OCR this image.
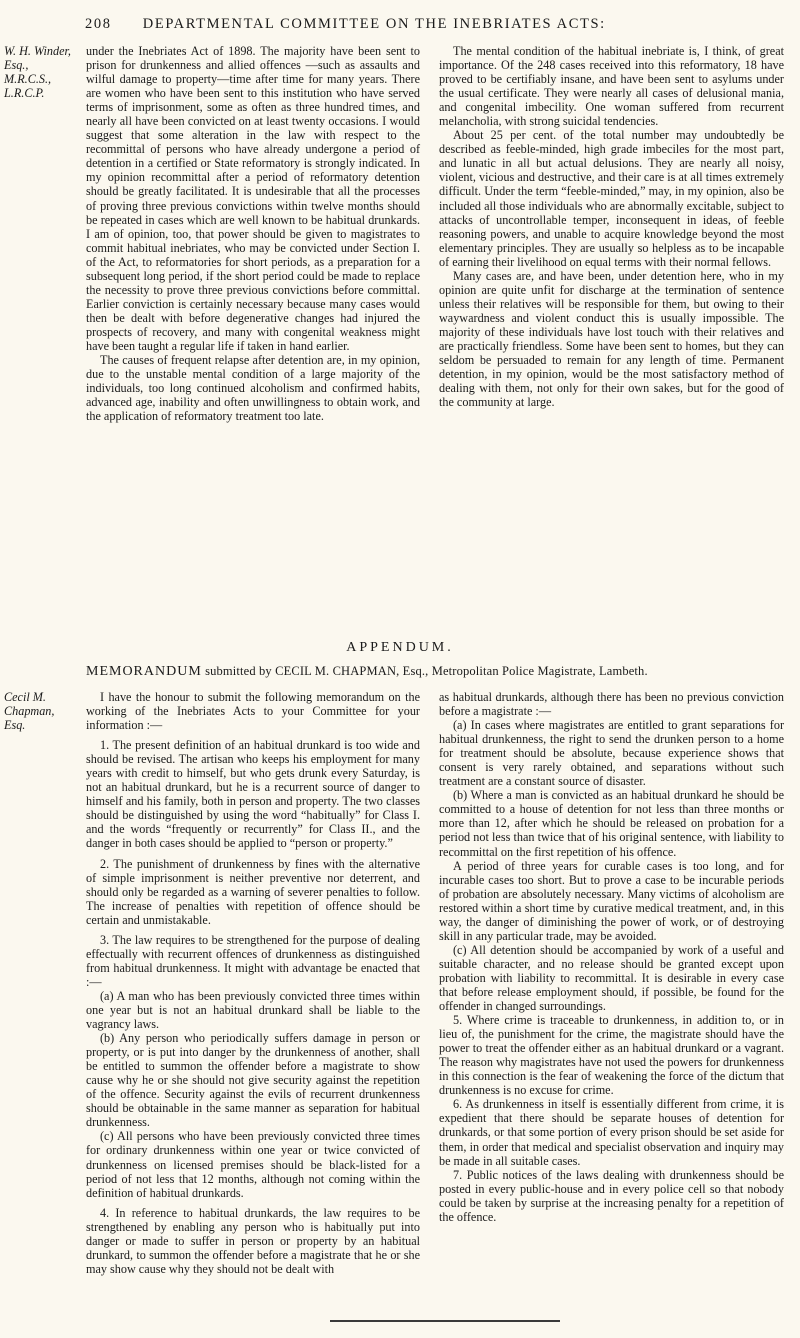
208 DEPARTMENTAL COMMITTEE ON THE INEBRIATES ACTS:
W. H. Winder, Esq., M.R.C.S., L.R.C.P.
Cecil M. Chapman, Esq.

under the Inebriates Act of 1898. The majority have been sent to prison for drunkenness and allied offences —such as assaults and wilful damage to property—time after time for many years. There are women who have been sent to this institution who have served terms of imprisonment, some as often as three hundred times, and nearly all have been convicted on at least twenty occasions. I would suggest that some alteration in the law with respect to the recommittal of persons who have already undergone a period of detention in a certified or State reformatory is strongly indicated. In my opinion recommittal after a period of reformatory detention should be greatly facilitated. It is undesirable that all the processes of proving three previous convictions within twelve months should be repeated in cases which are well known to be habitual drunkards. I am of opinion, too, that power should be given to magistrates to commit habitual inebriates, who may be convicted under Section I. of the Act, to reformatories for short periods, as a preparation for a subsequent long period, if the short period could be made to replace the necessity to prove three previous convictions before committal. Earlier conviction is certainly necessary because many cases would then be dealt with before degenerative changes had injured the prospects of recovery, and many with congenital weakness might have been taught a regular life if taken in hand earlier.

The causes of frequent relapse after detention are, in my opinion, due to the unstable mental condition of a large majority of the individuals, too long continued alcoholism and confirmed habits, advanced age, inability and often unwillingness to obtain work, and the application of reformatory treatment too late.

The mental condition of the habitual inebriate is, I think, of great importance. Of the 248 cases received into this reformatory, 18 have proved to be certifiably insane, and have been sent to asylums under the usual certificate. They were nearly all cases of delusional mania, and congenital imbecility. One woman suffered from recurrent melancholia, with strong suicidal tendencies.

About 25 per cent. of the total number may undoubtedly be described as feeble-minded, high grade imbeciles for the most part, and lunatic in all but actual delusions. They are nearly all noisy, violent, vicious and destructive, and their care is at all times extremely difficult. Under the term “feeble-minded,” may, in my opinion, also be included all those individuals who are abnormally excitable, subject to attacks of uncontrollable temper, inconsequent in ideas, of feeble reasoning powers, and unable to acquire knowledge beyond the most elementary principles. They are usually so helpless as to be incapable of earning their livelihood on equal terms with their normal fellows.

Many cases are, and have been, under detention here, who in my opinion are quite unfit for discharge at the termination of sentence unless their relatives will be responsible for them, but owing to their waywardness and violent conduct this is usually impossible. The majority of these individuals have lost touch with their relatives and are practically friendless. Some have been sent to homes, but they can seldom be persuaded to remain for any length of time. Permanent detention, in my opinion, would be the most satisfactory method of dealing with them, not only for their own sakes, but for the good of the community at large.

APPENDUM.
MEMORANDUM submitted by CECIL M. CHAPMAN, Esq., Metropolitan Police Magistrate, Lambeth.

I have the honour to submit the following memorandum on the working of the Inebriates Acts to your Committee for your information :—

1. The present definition of an habitual drunkard is too wide and should be revised. The artisan who keeps his employment for many years with credit to himself, but who gets drunk every Saturday, is not an habitual drunkard, but he is a recurrent source of danger to himself and his family, both in person and property. The two classes should be distinguished by using the word “habitually” for Class I. and the words “frequently or recurrently” for Class II., and the danger in both cases should be applied to “person or property.”

2. The punishment of drunkenness by fines with the alternative of simple imprisonment is neither preventive nor deterrent, and should only be regarded as a warning of severer penalties to follow. The increase of penalties with repetition of offence should be certain and unmistakable.

3. The law requires to be strengthened for the purpose of dealing effectually with recurrent offences of drunkenness as distinguished from habitual drunkenness. It might with advantage be enacted that :—

(a) A man who has been previously convicted three times within one year but is not an habitual drunkard shall be liable to the vagrancy laws.

(b) Any person who periodically suffers damage in person or property, or is put into danger by the drunkenness of another, shall be entitled to summon the offender before a magistrate to show cause why he or she should not give security against the repetition of the offence. Security against the evils of recurrent drunkenness should be obtainable in the same manner as separation for habitual drunkenness.

(c) All persons who have been previously convicted three times for ordinary drunkenness within one year or twice convicted of drunkenness on licensed premises should be black-listed for a period of not less that 12 months, although not coming within the definition of habitual drunkards.

4. In reference to habitual drunkards, the law requires to be strengthened by enabling any person who is habitually put into danger or made to suffer in person or property by an habitual drunkard, to summon the offender before a magistrate that he or she may show cause why they should not be dealt with

as habitual drunkards, although there has been no previous conviction before a magistrate :—

(a) In cases where magistrates are entitled to grant separations for habitual drunkenness, the right to send the drunken person to a home for treatment should be absolute, because experience shows that consent is very rarely obtained, and separations without such treatment are a constant source of disaster.

(b) Where a man is convicted as an habitual drunkard he should be committed to a house of detention for not less than three months or more than 12, after which he should be released on probation for a period not less than twice that of his original sentence, with liability to recommittal on the first repetition of his offence.

A period of three years for curable cases is too long, and for incurable cases too short. But to prove a case to be incurable periods of probation are absolutely necessary. Many victims of alcoholism are restored within a short time by curative medical treatment, and, in this way, the danger of diminishing the power of work, or of destroying skill in any particular trade, may be avoided.

(c) All detention should be accompanied by work of a useful and suitable character, and no release should be granted except upon probation with liability to recommittal. It is desirable in every case that before release employment should, if possible, be found for the offender in changed surroundings.

5. Where crime is traceable to drunkenness, in addition to, or in lieu of, the punishment for the crime, the magistrate should have the power to treat the offender either as an habitual drunkard or a vagrant. The reason why magistrates have not used the powers for drunkenness in this connection is the fear of weakening the force of the dictum that drunkenness is no excuse for crime.

6. As drunkenness in itself is essentially different from crime, it is expedient that there should be separate houses of detention for drunkards, or that some portion of every prison should be set aside for them, in order that medical and specialist observation and inquiry may be made in all suitable cases.

7. Public notices of the laws dealing with drunkenness should be posted in every public-house and in every police cell so that nobody could be taken by surprise at the increasing penalty for a repetition of the offence.
